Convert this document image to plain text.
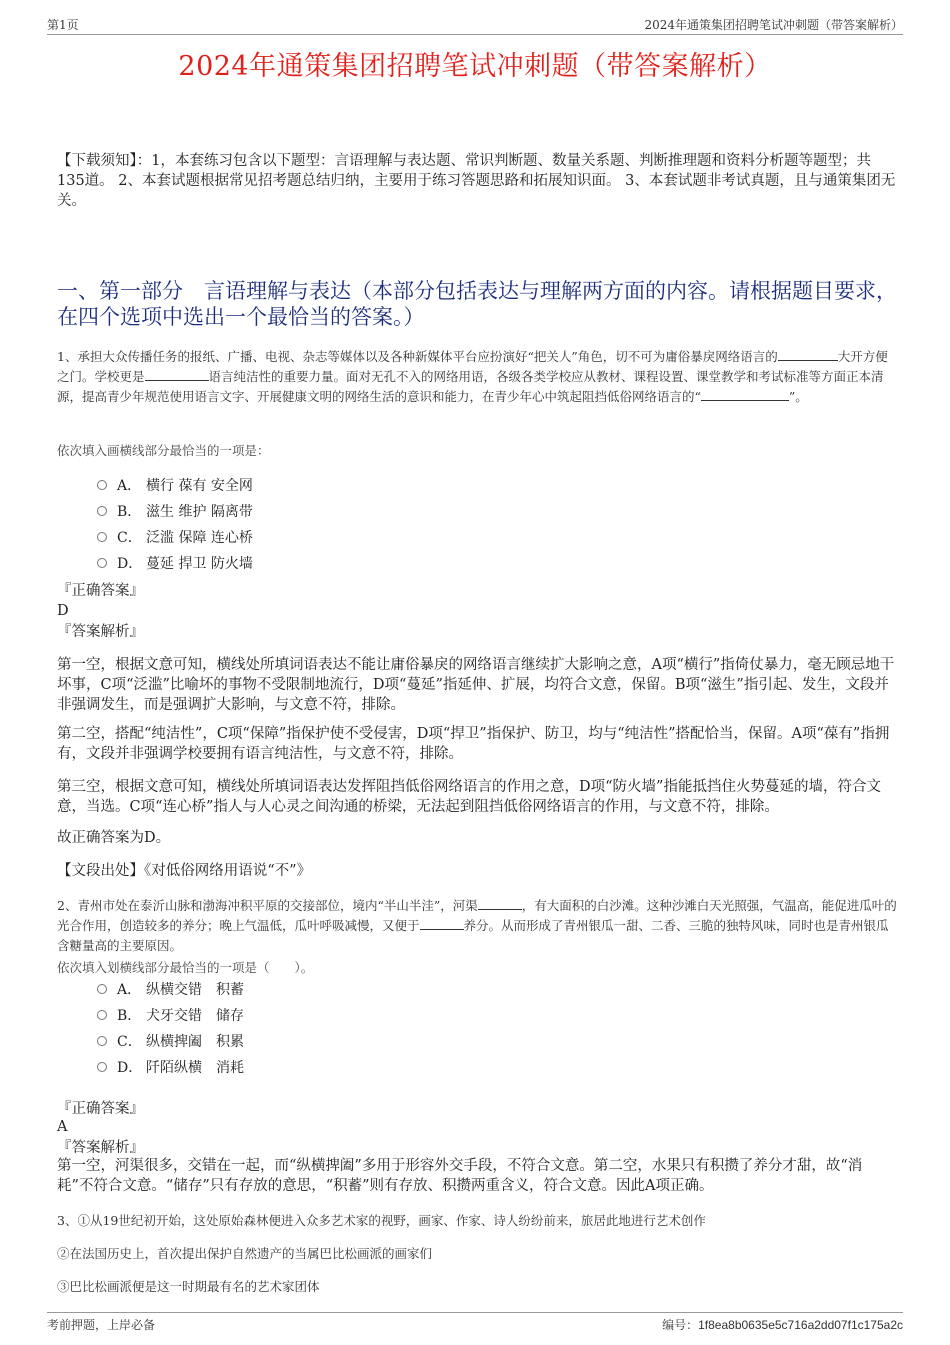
第1页	2024年通策集团招聘笔试冲刺题（带答案解析）
2024年通策集团招聘笔试冲刺题（带答案解析）
【下载须知】：1，本套练习包含以下题型：言语理解与表达题、常识判断题、数量关系题、判断推理题和资料分析题等题型；共135道。 2、本套试题根据常见招考题总结归纳，主要用于练习答题思路和拓展知识面。 3、本套试题非考试真题，且与通策集团无关。
一、第一部分　言语理解与表达（本部分包括表达与理解两方面的内容。请根据题目要求，在四个选项中选出一个最恰当的答案。）
1、承担大众传播任务的报纸、广播、电视、杂志等媒体以及各种新媒体平台应扮演好“把关人”角色，切不可为庸俗暴戾网络语言的	大开方便之门。学校更是	语言纯洁性的重要力量。面对无孔不入的网络用语，各级各类学校应从教材、课程设置、课堂教学和考试标准等方面正本清源，提高青少年规范使用语言文字、开展健康文明的网络生活的意识和能力，在青少年心中筑起阻挡低俗网络语言的“	”。
依次填入画横线部分最恰当的一项是：
A． 横行 葆有 安全网
B． 滋生 维护 隔离带
C． 泛滥 保障 连心桥
D． 蔓延 捍卫 防火墙
『正确答案』
D
『答案解析』

第一空，根据文意可知，横线处所填词语表达不能让庸俗暴戾的网络语言继续扩大影响之意，A项“横行”指倚仗暴力，毫无顾忌地干坏事，C项“泛滥”比喻坏的事物不受限制地流行，D项“蔓延”指延伸、扩展，均符合文意，保留。B项“滋生”指引起、发生，文段并非强调发生，而是强调扩大影响，与文意不符，排除。

第二空，搭配“纯洁性”，C项“保障”指保护使不受侵害，D项“捍卫”指保护、防卫，均与“纯洁性”搭配恰当，保留。A项“葆有”指拥有，文段并非强调学校要拥有语言纯洁性，与文意不符，排除。

第三空，根据文意可知，横线处所填词语表达发挥阻挡低俗网络语言的作用之意，D项“防火墙”指能抵挡住火势蔓延的墙，符合文意，当选。C项“连心桥”指人与人心灵之间沟通的桥梁，无法起到阻挡低俗网络语言的作用，与文意不符，排除。

故正确答案为D。

【文段出处】《对低俗网络用语说“不”》

2、青州市处在泰沂山脉和渤海冲积平原的交接部位，境内“半山半洼”，河渠	，有大面积的白沙滩。这种沙滩白天光照强，气温高，能促进瓜叶的光合作用，创造较多的养分；晚上气温低，瓜叶呼吸减慢，又便于	养分。从而形成了青州银瓜一甜、二香、三脆的独特风味，同时也是青州银瓜含糖量高的主要原因。
依次填入划横线部分最恰当的一项是（　　）。
A． 纵横交错　积蓄
B． 犬牙交错　储存
C． 纵横捭阖　积累
D． 阡陌纵横　消耗
『正确答案』
A
『答案解析』

第一空，河渠很多，交错在一起，而“纵横捭阖”多用于形容外交手段，不符合文意。第二空，水果只有积攒了养分才甜，故“消耗”不符合文意。“储存”只有存放的意思，“积蓄”则有存放、积攒两重含义，符合文意。因此A项正确。

3、①从19世纪初开始，这处原始森林便进入众多艺术家的视野，画家、作家、诗人纷纷前来，旅居此地进行艺术创作
②在法国历史上，首次提出保护自然遗产的当属巴比松画派的画家们
③巴比松画派便是这一时期最有名的艺术家团体
考前押题，上岸必备	编号：1f8ea8b0635e5c716a2dd07f1c175a2c
